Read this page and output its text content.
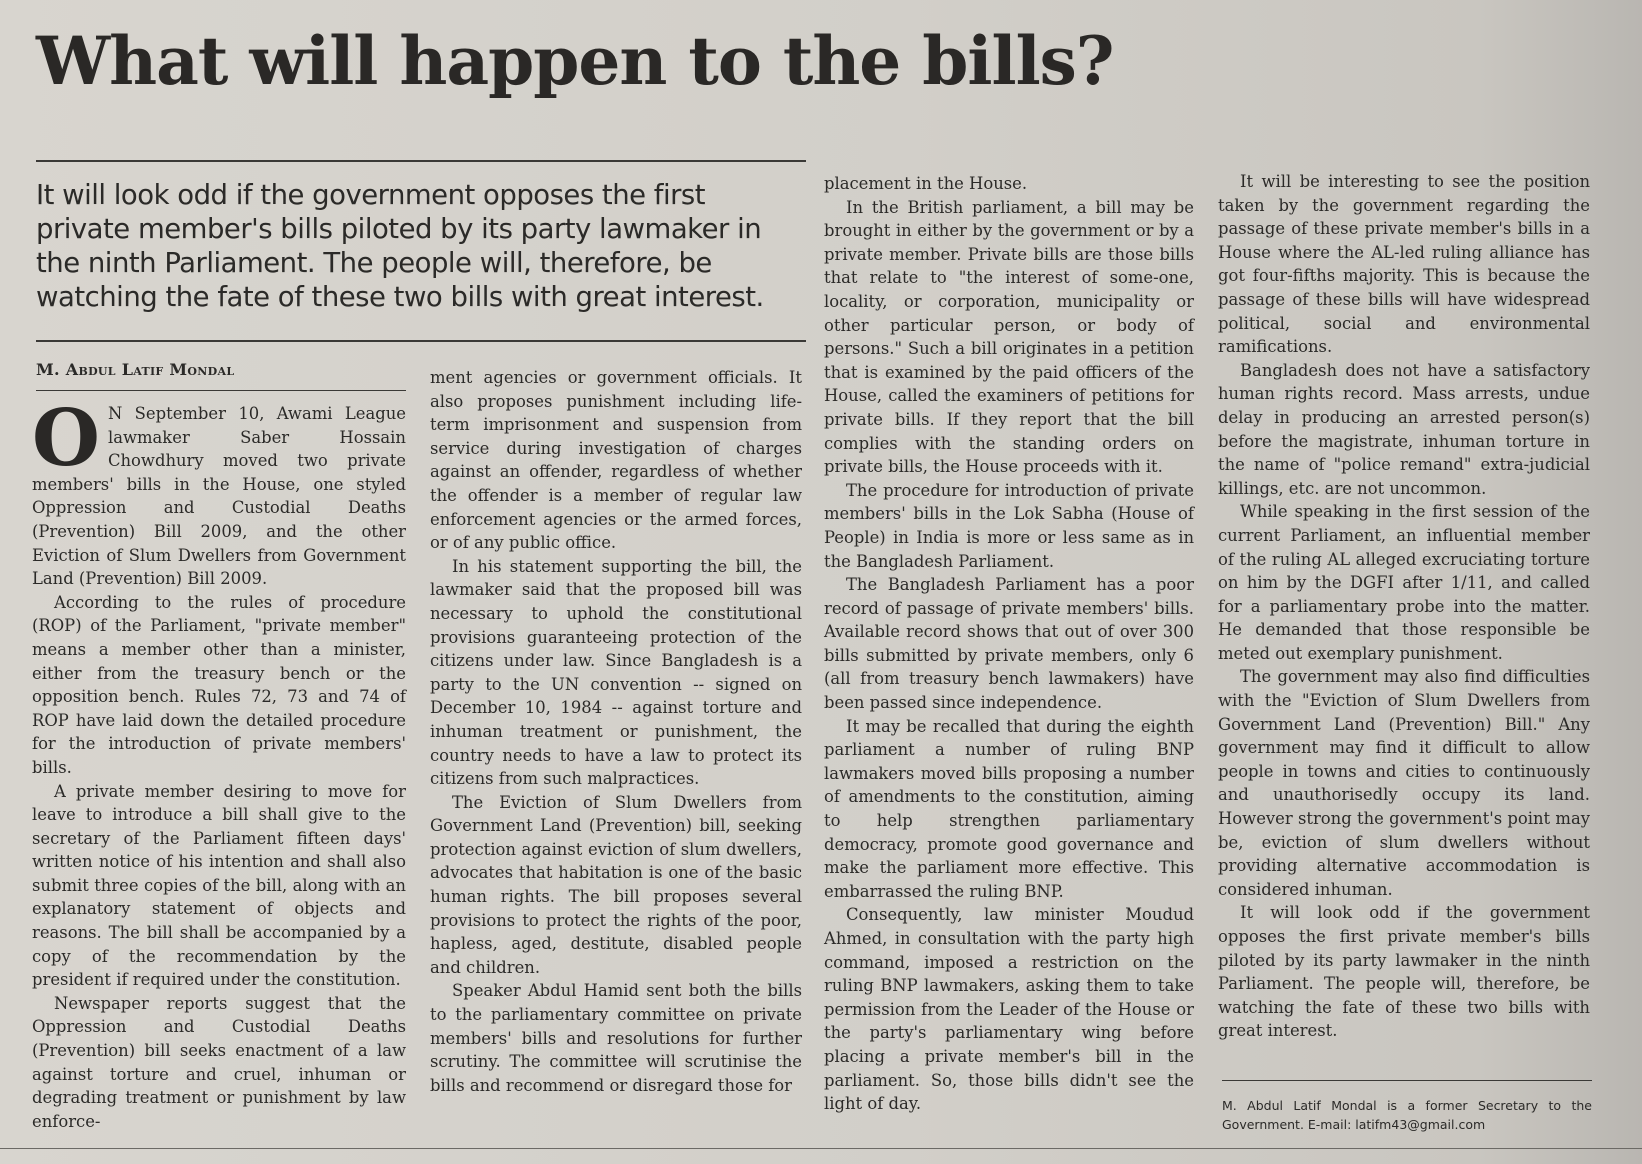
What will happen to the bills?

It will look odd if the government opposes the first private member's bills piloted by its party lawmaker in the ninth Parliament. The people will, therefore, be watching the fate of these two bills with great interest.

M. Abdul Latif Mondal

O N September 10, Awami League lawmaker Saber Hossain Chowdhury moved two private members' bills in the House, one styled Oppression and Custodial Deaths (Prevention) Bill 2009, and the other Eviction of Slum Dwellers from Government Land (Prevention) Bill 2009.

According to the rules of procedure (ROP) of the Parliament, "private member" means a member other than a minister, either from the treasury bench or the opposition bench. Rules 72, 73 and 74 of ROP have laid down the detailed procedure for the introduction of private members' bills.

A private member desiring to move for leave to introduce a bill shall give to the secretary of the Parliament fifteen days' written notice of his intention and shall also submit three copies of the bill, along with an explanatory statement of objects and reasons. The bill shall be accompanied by a copy of the recommendation by the president if required under the constitution.

Newspaper reports suggest that the Oppression and Custodial Deaths (Prevention) bill seeks enactment of a law against torture and cruel, inhuman or degrading treatment or punishment by law enforce-

ment agencies or government officials. It also proposes punishment including life-term imprisonment and suspension from service during investigation of charges against an offender, regardless of whether the offender is a member of regular law enforcement agencies or the armed forces, or of any public office.

In his statement supporting the bill, the lawmaker said that the proposed bill was necessary to uphold the constitutional provisions guaranteeing protection of the citizens under law. Since Bangladesh is a party to the UN convention -- signed on December 10, 1984 -- against torture and inhuman treatment or punishment, the country needs to have a law to protect its citizens from such malpractices.

The Eviction of Slum Dwellers from Government Land (Prevention) bill, seeking protection against eviction of slum dwellers, advocates that habitation is one of the basic human rights. The bill proposes several provisions to protect the rights of the poor, hapless, aged, destitute, disabled people and children.

Speaker Abdul Hamid sent both the bills to the parliamentary committee on private members' bills and resolutions for further scrutiny. The committee will scrutinise the bills and recommend or disregard those for

placement in the House.

In the British parliament, a bill may be brought in either by the government or by a private member. Private bills are those bills that relate to "the interest of some-one, locality, or corporation, municipality or other particular person, or body of persons." Such a bill originates in a petition that is examined by the paid officers of the House, called the examiners of petitions for private bills. If they report that the bill complies with the standing orders on private bills, the House proceeds with it.

The procedure for introduction of private members' bills in the Lok Sabha (House of People) in India is more or less same as in the Bangladesh Parliament.

The Bangladesh Parliament has a poor record of passage of private members' bills. Available record shows that out of over 300 bills submitted by private members, only 6 (all from treasury bench lawmakers) have been passed since independence.

It may be recalled that during the eighth parliament a number of ruling BNP lawmakers moved bills proposing a number of amendments to the constitution, aiming to help strengthen parliamentary democracy, promote good governance and make the parliament more effective. This embarrassed the ruling BNP.

Consequently, law minister Moudud Ahmed, in consultation with the party high command, imposed a restriction on the ruling BNP lawmakers, asking them to take permission from the Leader of the House or the party's parliamentary wing before placing a private member's bill in the parliament. So, those bills didn't see the light of day.

It will be interesting to see the position taken by the government regarding the passage of these private member's bills in a House where the AL-led ruling alliance has got four-fifths majority. This is because the passage of these bills will have widespread political, social and environmental ramifications.

Bangladesh does not have a satisfactory human rights record. Mass arrests, undue delay in producing an arrested person(s) before the magistrate, inhuman torture in the name of "police remand" extra-judicial killings, etc. are not uncommon.

While speaking in the first session of the current Parliament, an influential member of the ruling AL alleged excruciating torture on him by the DGFI after 1/11, and called for a parliamentary probe into the matter. He demanded that those responsible be meted out exemplary punishment.

The government may also find difficulties with the "Eviction of Slum Dwellers from Government Land (Prevention) Bill." Any government may find it difficult to allow people in towns and cities to continuously and unauthorisedly occupy its land. However strong the government's point may be, eviction of slum dwellers without providing alternative accommodation is considered inhuman.

It will look odd if the government opposes the first private member's bills piloted by its party lawmaker in the ninth Parliament. The people will, therefore, be watching the fate of these two bills with great interest.

M. Abdul Latif Mondal is a former Secretary to the Government. E-mail: latifm43@gmail.com
